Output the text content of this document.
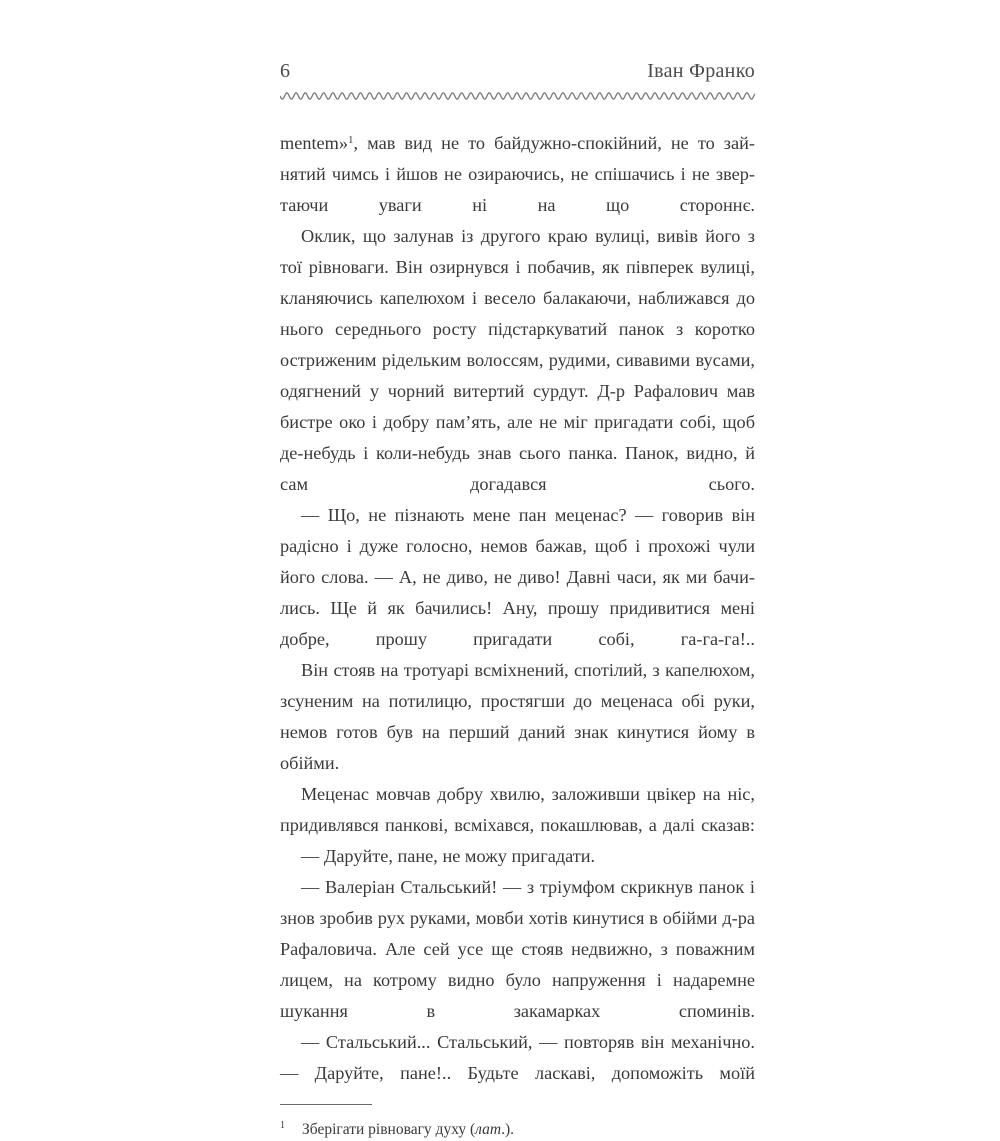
6	Іван Франко

mentem»$^1$, мав вид не то байдужно-спокійний, не то зайнятий чимсь і йшов не озираючись, не спішачись і не звертаючи уваги ні на що стороннє.

Оклик, що залунав із другого краю вулиці, вивів його з тої рівноваги. Він озирнувся і побачив, як півперек вулиці, кланяючись капелюхом і весело балакаючи, наближався до нього середнього росту підстаркуватий панок з коротко остриженим рідельким волоссям, рудими, сивавими вусами, одягнений у чорний витертий сурдут. Д-р Рафалович мав бистре око і добру пам’ять, але не міг пригадати собі, щоб де-небудь і коли-небудь знав сього панка. Панок, видно, й сам догадався сього.

— Що, не пізнають мене пан меценас? — говорив він радісно і дуже голосно, немов бажав, щоб і прохожі чули його слова. — А, не диво, не диво! Давні часи, як ми бачились. Ще й як бачились! Ану, прошу придивитися мені добре, прошу пригадати собі, га-га-га!..

Він стояв на тротуарі всміхнений, спотілий, з капелюхом, зсуненим на потилицю, простягши до меценаса обі руки, немов готов був на перший даний знак кинутися йому в обійми.

Меценас мовчав добру хвилю, заложивши цвікер на ніс, придивлявся панкові, всміхався, покашлював, а далі сказав:

— Даруйте, пане, не можу пригадати.

— Валеріан Стальський! — з тріумфом скрикнув панок і знов зробив рух руками, мовби хотів кинутися в обійми д-ра Рафаловича. Але сей усе ще стояв недвижно, з поважним лицем, на котрому видно було напруження і надаремне шукання в закамарках споминів.

— Стальський... Стальський, — повторяв він механічно. — Даруйте, пане!.. Будьте ласкаві, допоможіть моїй

1	Зберігати рівновагу духу (лат.).
